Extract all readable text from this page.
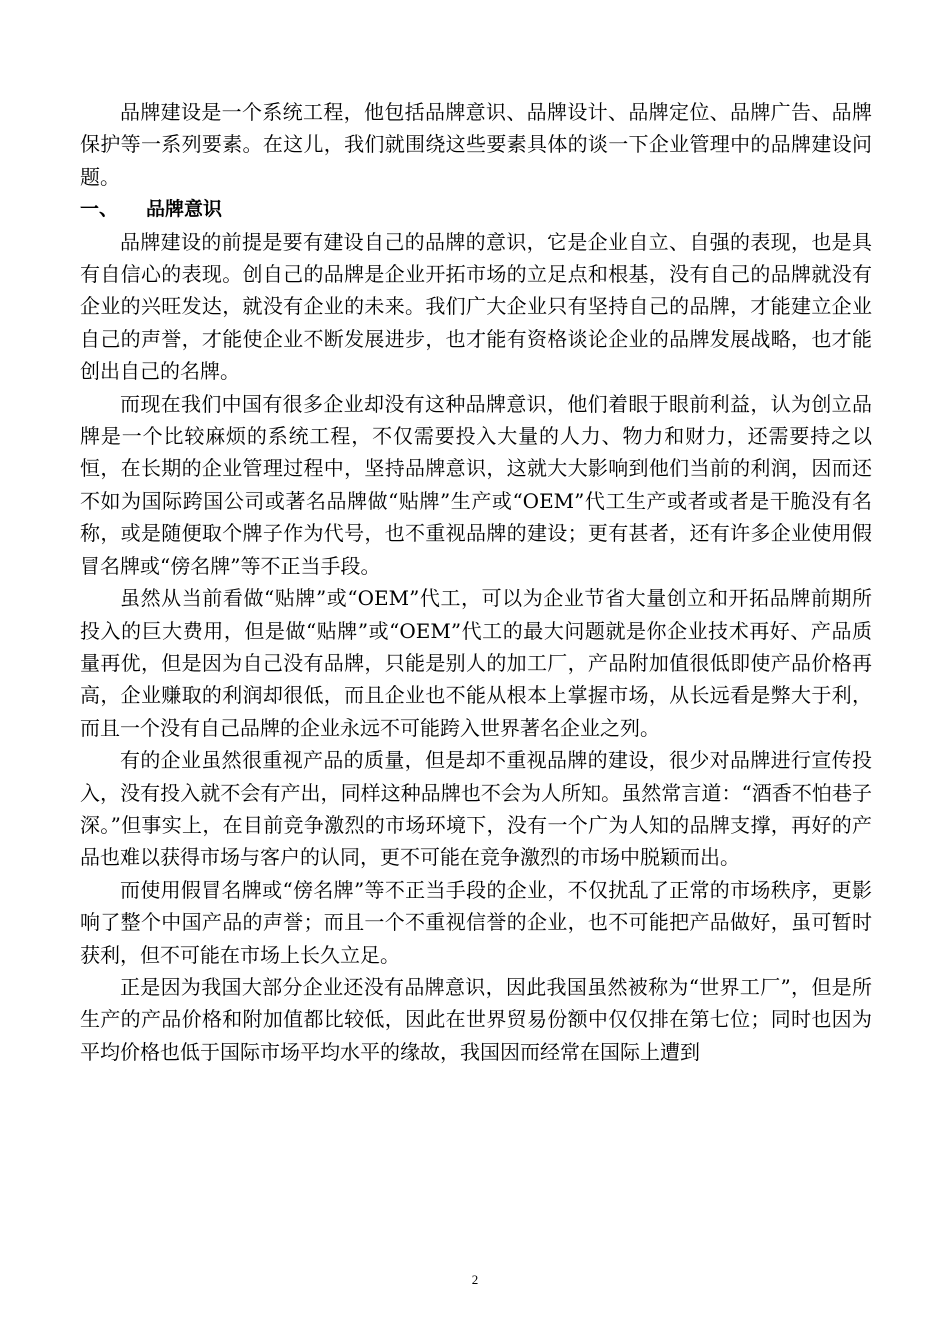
品牌建设是一个系统工程，他包括品牌意识、品牌设计、品牌定位、品牌广告、品牌保护等一系列要素。在这儿，我们就围绕这些要素具体的谈一下企业管理中的品牌建设问题。

一、 品牌意识

品牌建设的前提是要有建设自己的品牌的意识，它是企业自立、自强的表现，也是具有自信心的表现。创自己的品牌是企业开拓市场的立足点和根基，没有自己的品牌就没有企业的兴旺发达，就没有企业的未来。我们广大企业只有坚持自己的品牌，才能建立企业自己的声誉，才能使企业不断发展进步，也才能有资格谈论企业的品牌发展战略，也才能创出自己的名牌。

而现在我们中国有很多企业却没有这种品牌意识，他们着眼于眼前利益，认为创立品牌是一个比较麻烦的系统工程，不仅需要投入大量的人力、物力和财力，还需要持之以恒，在长期的企业管理过程中，坚持品牌意识，这就大大影响到他们当前的利润，因而还不如为国际跨国公司或著名品牌做“贴牌”生产或“OEM”代工生产或者或者是干脆没有名称，或是随便取个牌子作为代号，也不重视品牌的建设；更有甚者，还有许多企业使用假冒名牌或“傍名牌”等不正当手段。

虽然从当前看做“贴牌”或“OEM”代工，可以为企业节省大量创立和开拓品牌前期所投入的巨大费用，但是做“贴牌”或“OEM”代工的最大问题就是你企业技术再好、产品质量再优，但是因为自己没有品牌，只能是别人的加工厂，产品附加值很低即使产品价格再高，企业赚取的利润却很低，而且企业也不能从根本上掌握市场，从长远看是弊大于利，而且一个没有自己品牌的企业永远不可能跨入世界著名企业之列。

有的企业虽然很重视产品的质量，但是却不重视品牌的建设，很少对品牌进行宣传投入，没有投入就不会有产出，同样这种品牌也不会为人所知。虽然常言道：“酒香不怕巷子深。”但事实上，在目前竞争激烈的市场环境下，没有一个广为人知的品牌支撑，再好的产品也难以获得市场与客户的认同，更不可能在竞争激烈的市场中脱颖而出。

而使用假冒名牌或“傍名牌”等不正当手段的企业，不仅扰乱了正常的市场秩序，更影响了整个中国产品的声誉；而且一个不重视信誉的企业，也不可能把产品做好，虽可暂时获利，但不可能在市场上长久立足。

正是因为我国大部分企业还没有品牌意识，因此我国虽然被称为“世界工厂”，但是所生产的产品价格和附加值都比较低，因此在世界贸易份额中仅仅排在第七位；同时也因为平均价格也低于国际市场平均水平的缘故，我国因而经常在国际上遭到

2
